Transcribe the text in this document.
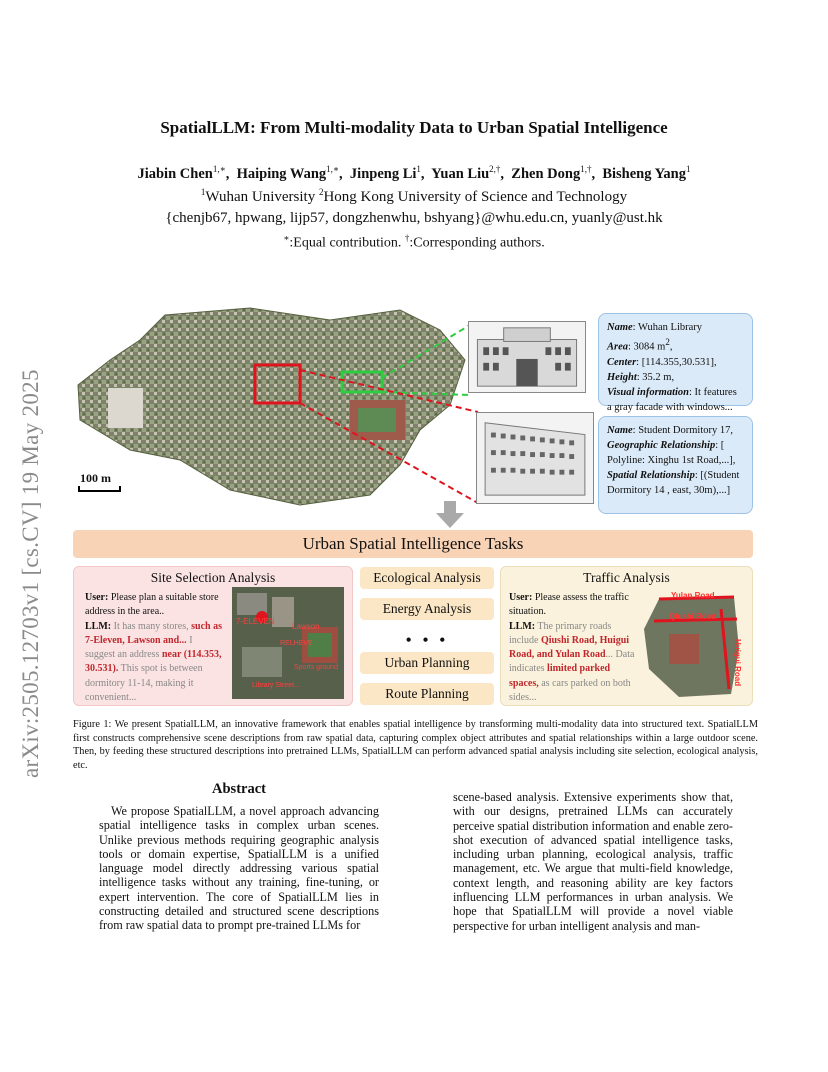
arXiv:2505.12703v1 [cs.CV] 19 May 2025
SpatialLLM: From Multi-modality Data to Urban Spatial Intelligence
Jiabin Chen$^{1,∗}$,  Haiping Wang$^{1,∗}$,  Jinpeng Li$^1$,  Yuan Liu$^{2,\dagger}$,  Zhen Dong$^{1,\dagger}$,  Bisheng Yang$^1$
$^1$Wuhan University $^2$Hong Kong University of Science and Technology
{chenjb67, hpwang, lijp57, dongzhenwhu, bshyang}@whu.edu.cn, yuanly@ust.hk
∗:Equal contribution. †:Corresponding authors.
Name: Wuhan Library
Area: 3084 $m^2$,
Center: [114.355,30.531],
Height: 35.2 m,
Visual information: It features a gray facade with windows...
Name: Student Dormitory 17,
Geographic Relationship: [ Polyline: Xinghu 1st Road,...],
Spatial Relationship: [(Student Dormitory 14 , east, 30m),...]
100 m
Urban Spatial Intelligence Tasks
Site Selection Analysis
User: Please plan a suitable store address in the area..
LLM: It has many stores, such as 7-Eleven, Lawson and... I suggest an address near (114.353, 30.531). This spot is between dormitory 11-14, making it convenient...
7-ELEVEN
Lawson
RELHEVE
Sports ground
Library Street...
Ecological Analysis
Energy Analysis
• • •
Urban Planning
Route Planning
Traffic Analysis
User: Please assess the traffic situation.
LLM: The primary roads include Qiushi Road, Huigui Road, and Yulan Road... Data indicates limited parked spaces, as cars parked on both sides...
Yulan Road
Qiushi Road
Huigui Road
Figure 1: We present SpatialLLM, an innovative framework that enables spatial intelligence by transforming multi-modality data into structured text. SpatialLLM first constructs comprehensive scene descriptions from raw spatial data, capturing complex object attributes and spatial relationships within a large outdoor scene. Then, by feeding these structured descriptions into pretrained LLMs, SpatialLLM can perform advanced spatial analysis including site selection, ecological analysis, etc.
Abstract
We propose SpatialLLM, a novel approach advancing spatial intelligence tasks in complex urban scenes. Unlike previous methods requiring geographic analysis tools or domain expertise, SpatialLLM is a unified language model directly addressing various spatial intelligence tasks without any training, fine-tuning, or expert intervention. The core of SpatialLLM lies in constructing detailed and structured scene descriptions from raw spatial data to prompt pre-trained LLMs for
scene-based analysis. Extensive experiments show that, with our designs, pretrained LLMs can accurately perceive spatial distribution information and enable zero-shot execution of advanced spatial intelligence tasks, including urban planning, ecological analysis, traffic management, etc. We argue that multi-field knowledge, context length, and reasoning ability are key factors influencing LLM performances in urban analysis. We hope that SpatialLLM will provide a novel viable perspective for urban intelligent analysis and man-
